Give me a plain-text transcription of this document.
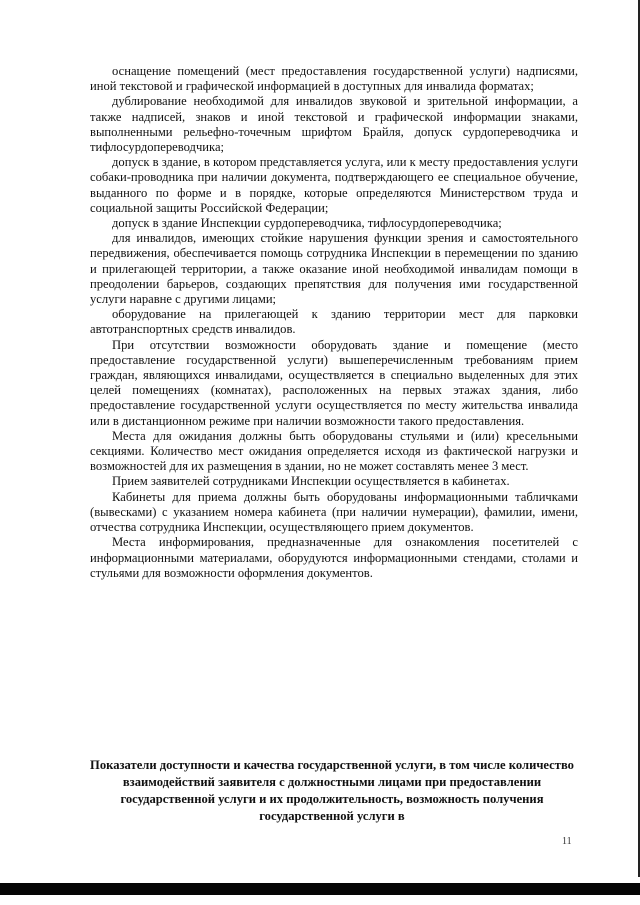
оснащение помещений (мест предоставления государственной услуги) надписями, иной текстовой и графической информацией в доступных для инвалида форматах;

дублирование необходимой для инвалидов звуковой и зрительной информации, а также надписей, знаков и иной текстовой и графической информации знаками, выполненными рельефно-точечным шрифтом Брайля, допуск сурдопереводчика и тифлосурдопереводчика;

допуск в здание, в котором представляется услуга, или к месту предоставления услуги собаки-проводника при наличии документа, подтверждающего ее специальное обучение, выданного по форме и в порядке, которые определяются Министерством труда и социальной защиты Российской Федерации;

допуск в здание Инспекции сурдопереводчика, тифлосурдопереводчика;

для инвалидов, имеющих стойкие нарушения функции зрения и самостоятельного передвижения, обеспечивается помощь сотрудника Инспекции в перемещении по зданию и прилегающей территории, а также оказание иной необходимой инвалидам помощи в преодолении барьеров, создающих препятствия для получения ими государственной услуги наравне с другими лицами;

оборудование на прилегающей к зданию территории мест для парковки автотранспортных средств инвалидов.

При отсутствии возможности оборудовать здание и помещение (место предоставление государственной услуги) вышеперечисленным требованиям прием граждан, являющихся инвалидами, осуществляется в специально выделенных для этих целей помещениях (комнатах), расположенных на первых этажах здания, либо предоставление государственной услуги осуществляется по месту жительства инвалида или в дистанционном режиме при наличии возможности такого предоставления.

Места для ожидания должны быть оборудованы стульями и (или) кресельными секциями. Количество мест ожидания определяется исходя из фактической нагрузки и возможностей для их размещения в здании, но не может составлять менее 3 мест.

Прием заявителей сотрудниками Инспекции осуществляется в кабинетах.

Кабинеты для приема должны быть оборудованы информационными табличками (вывесками) с указанием номера кабинета (при наличии нумерации), фамилии, имени, отчества сотрудника Инспекции, осуществляющего прием документов.

Места информирования, предназначенные для ознакомления посетителей с информационными материалами, оборудуются информационными стендами, столами и стульями для возможности оформления документов.

Показатели доступности и качества государственной услуги, в том числе количество взаимодействий заявителя с должностными лицами при предоставлении государственной услуги и их продолжительность, возможность получения государственной услуги в

11
